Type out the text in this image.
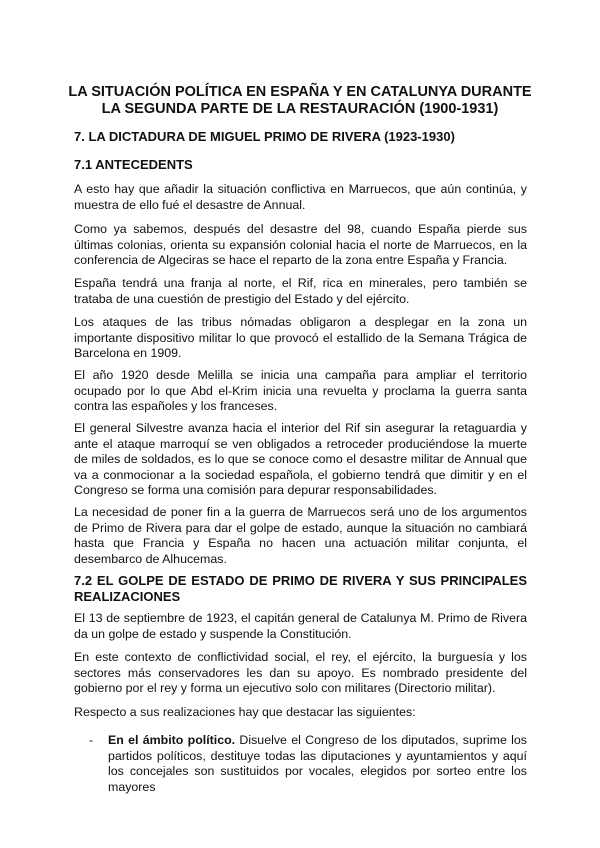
LA SITUACIÓN POLÍTICA EN ESPAÑA Y EN CATALUNYA DURANTE LA SEGUNDA PARTE DE LA RESTAURACIÓN (1900-1931)
7. LA DICTADURA DE MIGUEL PRIMO DE RIVERA (1923-1930)
7.1 ANTECEDENTS
A esto hay que añadir la situación conflictiva en Marruecos, que aún continúa, y muestra de ello fué el desastre de Annual.
Como ya sabemos, después del desastre del 98, cuando España pierde sus últimas colonias, orienta su expansión colonial hacia el norte de Marruecos, en la conferencia de Algeciras se hace el reparto de la zona entre España y Francia.
España tendrá una franja al norte, el Rif, rica en minerales, pero también se trataba de una cuestión de prestigio del Estado y del ejército.
Los ataques de las tribus nómadas obligaron a desplegar en la zona un importante dispositivo militar lo que provocó el estallido de la Semana Trágica de Barcelona en 1909.
El año 1920 desde Melilla se inicia una campaña para ampliar el territorio ocupado por lo que Abd el-Krim inicia una revuelta y proclama la guerra santa contra las españoles y los franceses.
El general Silvestre avanza hacia el interior del Rif sin asegurar la retaguardia y ante el ataque marroquí se ven obligados a retroceder produciéndose la muerte de miles de soldados, es lo que se conoce como el desastre militar de Annual que va a conmocionar a la sociedad española, el gobierno tendrá que dimitir y en el Congreso se forma una comisión para depurar responsabilidades.
La necesidad de poner fin a la guerra de Marruecos será uno de los argumentos de Primo de Rivera para dar el golpe de estado, aunque la situación no cambiará hasta que Francia y España no hacen una actuación militar conjunta, el desembarco de Alhucemas.
7.2 EL GOLPE DE ESTADO DE PRIMO DE RIVERA Y SUS PRINCIPALES REALIZACIONES
El 13 de septiembre de 1923, el capitán general de Catalunya M. Primo de Rivera da un golpe de estado y suspende la Constitución.
En este contexto de conflictividad social, el rey, el ejército, la burguesía y los sectores más conservadores les dan su apoyo. Es nombrado presidente del gobierno por el rey y forma un ejecutivo solo con militares (Directorio militar).
Respecto a sus realizaciones hay que destacar las siguientes:
- En el ámbito político. Disuelve el Congreso de los diputados, suprime los partidos políticos, destituye todas las diputaciones y ayuntamientos y aquí los concejales son sustituidos por vocales, elegidos por sorteo entre los mayores
